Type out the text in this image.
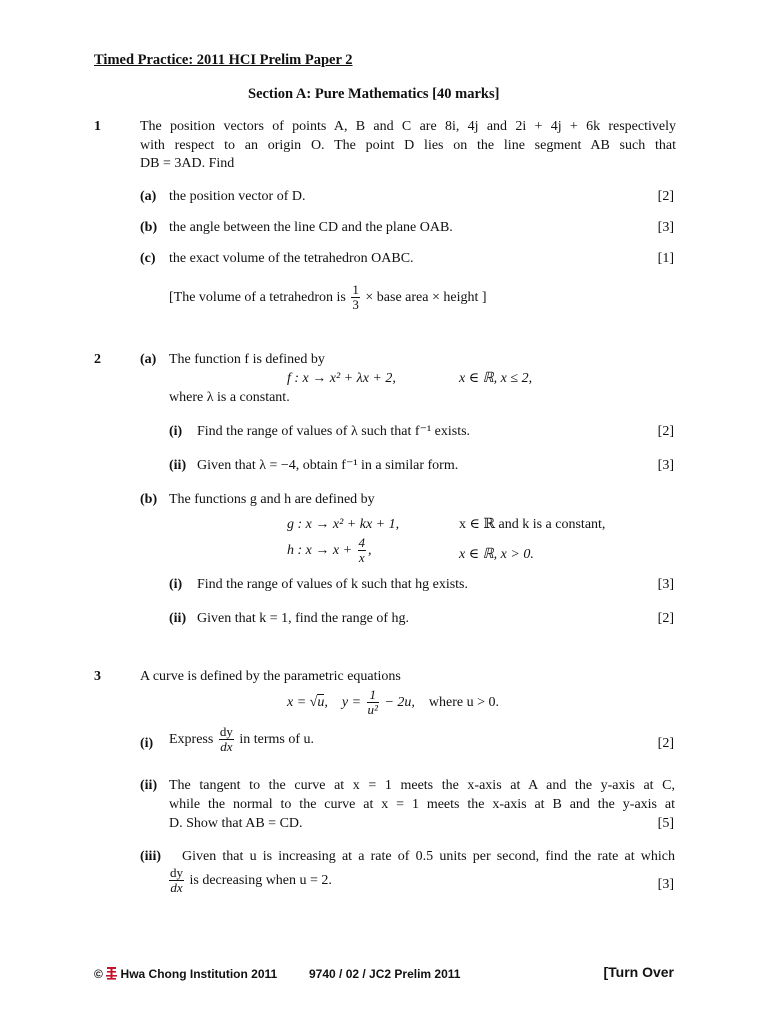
Timed Practice: 2011 HCI Prelim Paper 2
Section A: Pure Mathematics [40 marks]
1	The position vectors of points A, B and C are 8i, 4j and 2i + 4j + 6k respectively
with respect to an origin O. The point D lies on the line segment AB such that
DB = 3AD. Find
(a) the position vector of D.	[2]
(b) the angle between the line CD and the plane OAB.	[3]
(c) the exact volume of the tetrahedron OABC.	[1]
[The volume of a tetrahedron is $\frac{1}{3}$ × base area × height ]
2	(a) The function f is defined by
f : x → x² + λx + 2,	x ∈ ℝ, x ≤ 2,
where λ is a constant.
(i) Find the range of values of λ such that f⁻¹ exists.	[2]
(ii) Given that λ = −4, obtain f⁻¹ in a similar form.	[3]
(b) The functions g and h are defined by
g : x → x² + kx + 1,	x ∈ ℝ and k is a constant,
h : $x \to x + \frac{4}{x}$ ,	x ∈ ℝ, x > 0.
(i) Find the range of values of k such that hg exists.	[3]
(ii) Given that k = 1, find the range of hg.	[2]
3	A curve is defined by the parametric equations
x = √u, $y = \frac{1}{\text{u²}} - 2u$, where u > 0.
(i) Express $\frac{dy}{dx}$ in terms of u.	[2]
(ii) The tangent to the curve at x = 1 meets the x-axis at A and the y-axis at C,
while the normal to the curve at x = 1 meets the x-axis at B and the y-axis at
D. Show that AB = CD.	[5]
(iii) Given that u is increasing at a rate of 0.5 units per second, find the rate at which
$\frac{dy}{dx}$ is decreasing when u = 2.	[3]
© Hwa Chong Institution 2011	9740 / 02 / JC2 Prelim 2011	[Turn Over
